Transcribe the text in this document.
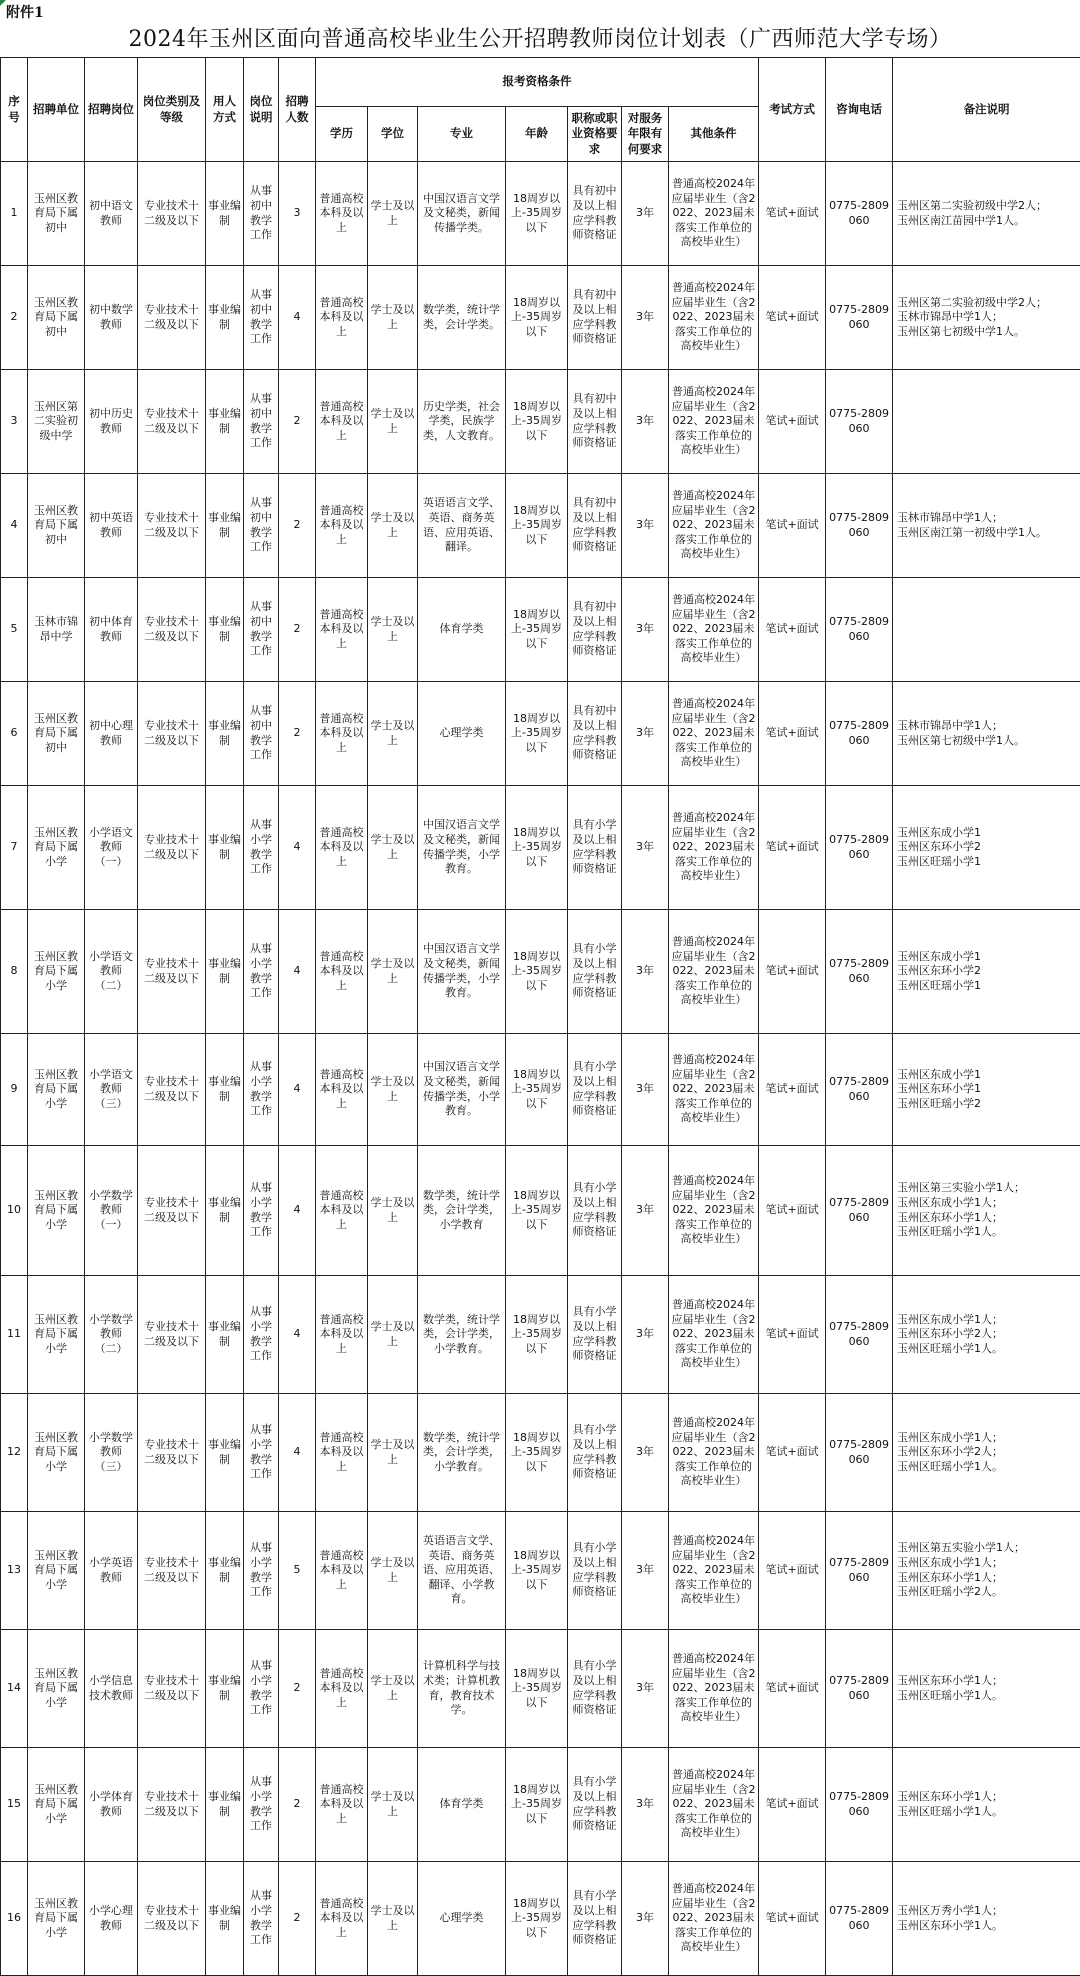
附件1
2024年玉州区面向普通高校毕业生公开招聘教师岗位计划表（广西师范大学专场）
序号	招聘单位	招聘岗位	岗位类别及等级	用人方式	岗位说明	招聘人数	报考资格条件							考试方式	咨询电话	备注说明
							学历	学位	专业	年龄	职称或职业资格要求	对服务年限有何要求	其他条件			
1	玉州区教育局下属初中	初中语文教师	专业技术十二级及以下	事业编制	从事初中教学工作	3	普通高校本科及以上	学士及以上	中国汉语言文学及文秘类，新闻传播学类。	18周岁以上-35周岁以下	具有初中及以上相应学科教师资格证	3年	普通高校2024年应届毕业生（含2022、2023届未落实工作单位的高校毕业生）	笔试+面试	0775-2809060	玉州区第二实验初级中学2人；
玉州区南江苗园中学1人。

2	玉州区教育局下属初中	初中数学教师	专业技术十二级及以下	事业编制	从事初中教学工作	4	普通高校本科及以上	学士及以上	数学类，统计学类，会计学类。	18周岁以上-35周岁以下	具有初中及以上相应学科教师资格证	3年	普通高校2024年应届毕业生（含2022、2023届未落实工作单位的高校毕业生）	笔试+面试	0775-2809060	玉州区第二实验初级中学2人；
玉林市锦昂中学1人；
玉州区第七初级中学1人。

3	玉州区第二实验初级中学	初中历史教师	专业技术十二级及以下	事业编制	从事初中教学工作	2	普通高校本科及以上	学士及以上	历史学类，社会学类，民族学类，人文教育。	18周岁以上-35周岁以下	具有初中及以上相应学科教师资格证	3年	普通高校2024年应届毕业生（含2022、2023届未落实工作单位的高校毕业生）	笔试+面试	0775-2809060	
4	玉州区教育局下属初中	初中英语教师	专业技术十二级及以下	事业编制	从事初中教学工作	2	普通高校本科及以上	学士及以上	英语语言文学、英语、商务英语、应用英语、翻译。	18周岁以上-35周岁以下	具有初中及以上相应学科教师资格证	3年	普通高校2024年应届毕业生（含2022、2023届未落实工作单位的高校毕业生）	笔试+面试	0775-2809060	玉林市锦昂中学1人；
玉州区南江第一初级中学1人。

5	玉林市锦昂中学	初中体育教师	专业技术十二级及以下	事业编制	从事初中教学工作	2	普通高校本科及以上	学士及以上	体育学类	18周岁以上-35周岁以下	具有初中及以上相应学科教师资格证	3年	普通高校2024年应届毕业生（含2022、2023届未落实工作单位的高校毕业生）	笔试+面试	0775-2809060	
6	玉州区教育局下属初中	初中心理教师	专业技术十二级及以下	事业编制	从事初中教学工作	2	普通高校本科及以上	学士及以上	心理学类	18周岁以上-35周岁以下	具有初中及以上相应学科教师资格证	3年	普通高校2024年应届毕业生（含2022、2023届未落实工作单位的高校毕业生）	笔试+面试	0775-2809060	玉林市锦昂中学1人；
玉州区第七初级中学1人。

7	玉州区教育局下属小学	小学语文教师（一）	专业技术十二级及以下	事业编制	从事小学教学工作	4	普通高校本科及以上	学士及以上	中国汉语言文学及文秘类，新闻传播学类，小学教育。	18周岁以上-35周岁以下	具有小学及以上相应学科教师资格证	3年	普通高校2024年应届毕业生（含2022、2023届未落实工作单位的高校毕业生）	笔试+面试	0775-2809060	玉州区东成小学1
玉州区东环小学2
玉州区旺瑶小学1

8	玉州区教育局下属小学	小学语文教师（二）	专业技术十二级及以下	事业编制	从事小学教学工作	4	普通高校本科及以上	学士及以上	中国汉语言文学及文秘类，新闻传播学类，小学教育。	18周岁以上-35周岁以下	具有小学及以上相应学科教师资格证	3年	普通高校2024年应届毕业生（含2022、2023届未落实工作单位的高校毕业生）	笔试+面试	0775-2809060	玉州区东成小学1
玉州区东环小学2
玉州区旺瑶小学1

9	玉州区教育局下属小学	小学语文教师（三）	专业技术十二级及以下	事业编制	从事小学教学工作	4	普通高校本科及以上	学士及以上	中国汉语言文学及文秘类，新闻传播学类，小学教育。	18周岁以上-35周岁以下	具有小学及以上相应学科教师资格证	3年	普通高校2024年应届毕业生（含2022、2023届未落实工作单位的高校毕业生）	笔试+面试	0775-2809060	玉州区东成小学1
玉州区东环小学1
玉州区旺瑶小学2

10	玉州区教育局下属小学	小学数学教师（一）	专业技术十二级及以下	事业编制	从事小学教学工作	4	普通高校本科及以上	学士及以上	数学类，统计学类，会计学类，小学教育	18周岁以上-35周岁以下	具有小学及以上相应学科教师资格证	3年	普通高校2024年应届毕业生（含2022、2023届未落实工作单位的高校毕业生）	笔试+面试	0775-2809060	玉州区第三实验小学1人；
玉州区东成小学1人；
玉州区东环小学1人；
玉州区旺瑶小学1人。

11	玉州区教育局下属小学	小学数学教师（二）	专业技术十二级及以下	事业编制	从事小学教学工作	4	普通高校本科及以上	学士及以上	数学类，统计学类，会计学类，小学教育。	18周岁以上-35周岁以下	具有小学及以上相应学科教师资格证	3年	普通高校2024年应届毕业生（含2022、2023届未落实工作单位的高校毕业生）	笔试+面试	0775-2809060	玉州区东成小学1人；
玉州区东环小学2人；
玉州区旺瑶小学1人。

12	玉州区教育局下属小学	小学数学教师（三）	专业技术十二级及以下	事业编制	从事小学教学工作	4	普通高校本科及以上	学士及以上	数学类，统计学类，会计学类，小学教育。	18周岁以上-35周岁以下	具有小学及以上相应学科教师资格证	3年	普通高校2024年应届毕业生（含2022、2023届未落实工作单位的高校毕业生）	笔试+面试	0775-2809060	玉州区东成小学1人；
玉州区东环小学2人；
玉州区旺瑶小学1人。

13	玉州区教育局下属小学	小学英语教师	专业技术十二级及以下	事业编制	从事小学教学工作	5	普通高校本科及以上	学士及以上	英语语言文学、英语、商务英语、应用英语、翻译、小学教育。	18周岁以上-35周岁以下	具有小学及以上相应学科教师资格证	3年	普通高校2024年应届毕业生（含2022、2023届未落实工作单位的高校毕业生）	笔试+面试	0775-2809060	玉州区第五实验小学1人；
玉州区东成小学1人；
玉州区东环小学1人；
玉州区旺瑶小学2人。

14	玉州区教育局下属小学	小学信息技术教师	专业技术十二级及以下	事业编制	从事小学教学工作	2	普通高校本科及以上	学士及以上	计算机科学与技术类；计算机教育，教育技术学。	18周岁以上-35周岁以下	具有小学及以上相应学科教师资格证	3年	普通高校2024年应届毕业生（含2022、2023届未落实工作单位的高校毕业生）	笔试+面试	0775-2809060	玉州区东环小学1人；
玉州区旺瑶小学1人。

15	玉州区教育局下属小学	小学体育教师	专业技术十二级及以下	事业编制	从事小学教学工作	2	普通高校本科及以上	学士及以上	体育学类	18周岁以上-35周岁以下	具有小学及以上相应学科教师资格证	3年	普通高校2024年应届毕业生（含2022、2023届未落实工作单位的高校毕业生）	笔试+面试	0775-2809060	玉州区东环小学1人；
玉州区旺瑶小学1人。

16	玉州区教育局下属小学	小学心理教师	专业技术十二级及以下	事业编制	从事小学教学工作	2	普通高校本科及以上	学士及以上	心理学类	18周岁以上-35周岁以下	具有小学及以上相应学科教师资格证	3年	普通高校2024年应届毕业生（含2022、2023届未落实工作单位的高校毕业生）	笔试+面试	0775-2809060	玉州区万秀小学1人；
玉州区东环小学1人。
